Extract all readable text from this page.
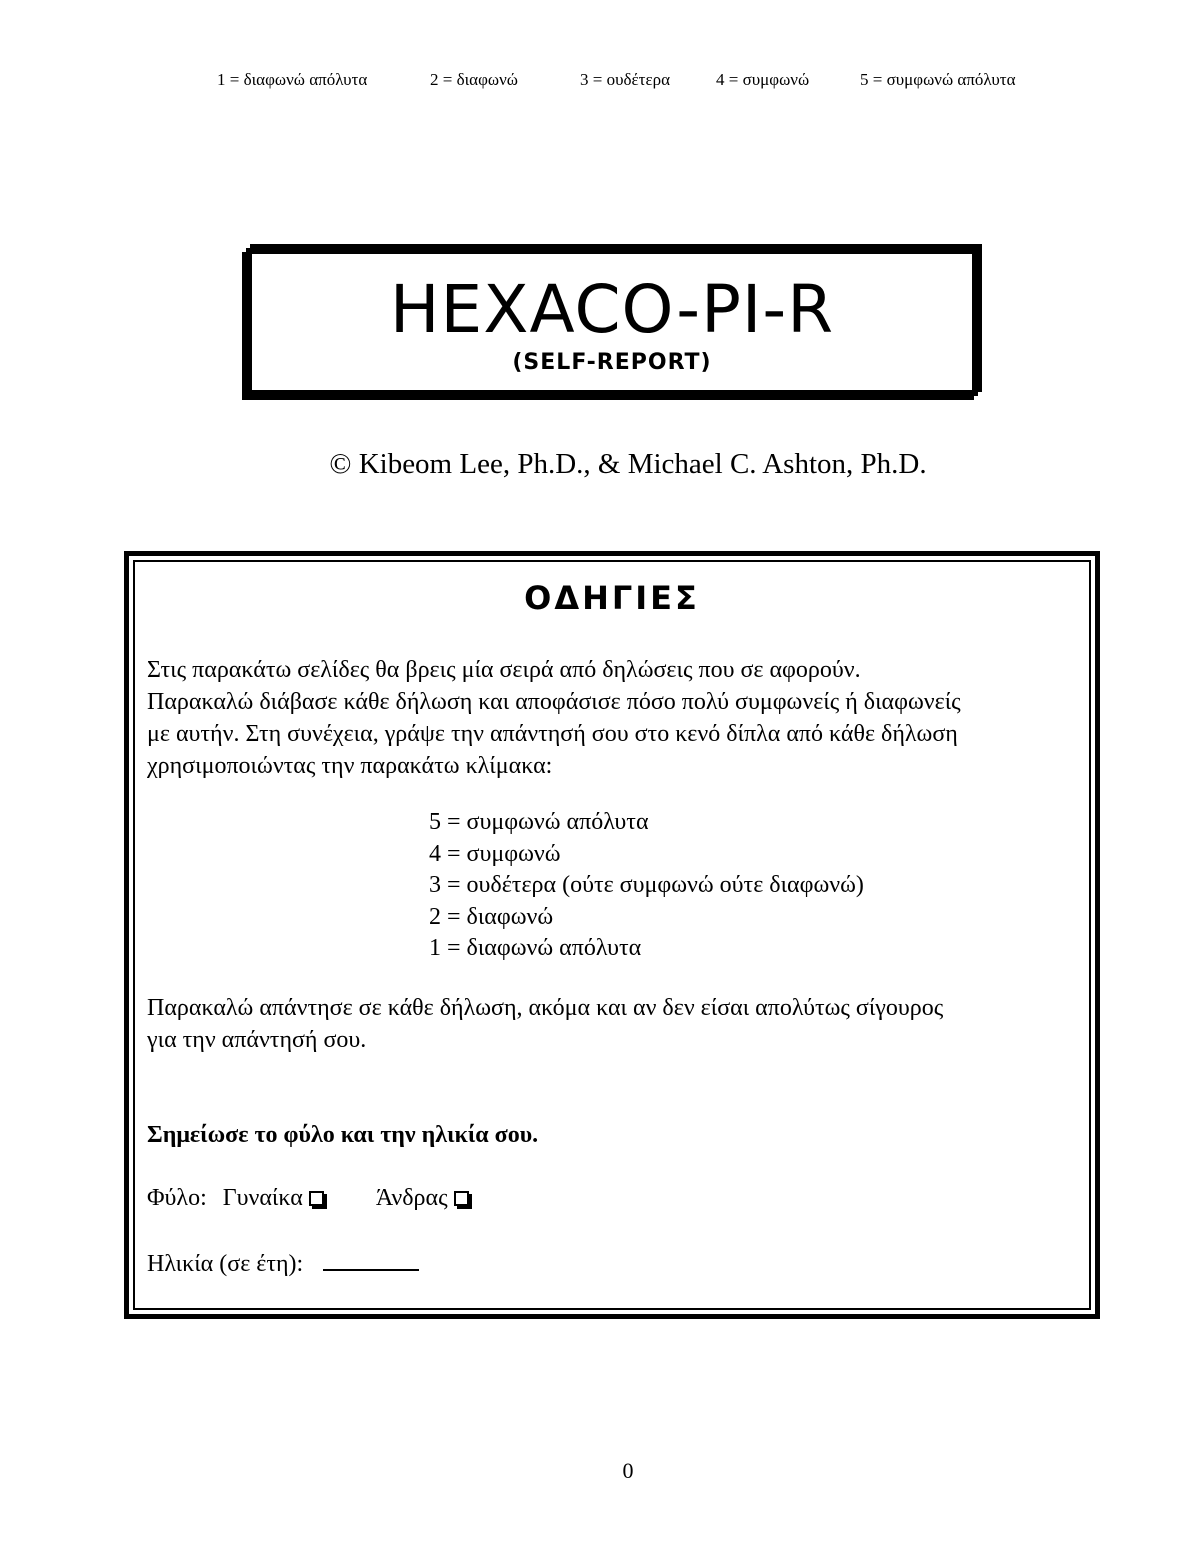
1 = διαφωνώ απόλυτα	2 = διαφωνώ	3 = ουδέτερα	4 = συμφωνώ	5 = συμφωνώ απόλυτα
HEXACO-PI-R
(SELF-REPORT)
© Kibeom Lee, Ph.D., & Michael C. Ashton, Ph.D.
ΟΔΗΓΙΕΣ
Στις παρακάτω σελίδες θα βρεις μία σειρά από δηλώσεις που σε αφορούν.
Παρακαλώ διάβασε κάθε δήλωση και αποφάσισε πόσο πολύ συμφωνείς ή διαφωνείς
με αυτήν. Στη συνέχεια, γράψε την απάντησή σου στο κενό δίπλα από κάθε δήλωση
χρησιμοποιώντας την παρακάτω κλίμακα:
5 = συμφωνώ απόλυτα
4 = συμφωνώ
3 = ουδέτερα (ούτε συμφωνώ ούτε διαφωνώ)
2 = διαφωνώ
1 = διαφωνώ απόλυτα
Παρακαλώ απάντησε σε κάθε δήλωση, ακόμα και αν δεν είσαι απολύτως σίγουρος
για την απάντησή σου.
Σημείωσε το φύλο και την ηλικία σου.
Φύλο: Γυναίκα	Άνδρας
Ηλικία (σε έτη):
0
